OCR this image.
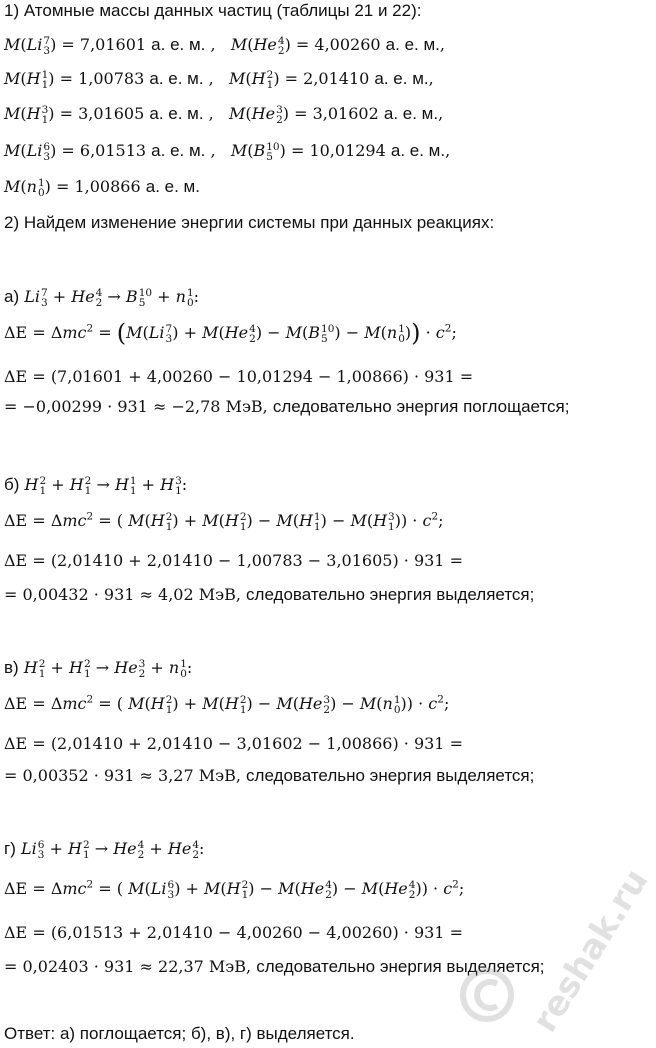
1) Атомные массы данных частиц (таблицы 21 и 22):
M(Li 7
3 ) = 7,01601 а. е. м. ,   M(He 4
2 ) = 4,00260 а. е. м.,
M(H 1
1 ) = 1,00783 а. е. м. ,   M(H 2
1 ) = 2,01410 а. е. м.,
M(H 3
1 ) = 3,01605 а. е. м. ,   M(He 3
2 ) = 3,01602 а. е. м.,
M(Li 6
3 ) = 6,01513 а. е. м. ,   M(B 10
5 ) = 10,01294 а. е. м.,
M(n 1
0 ) = 1,00866 а. е. м.
2) Найдем изменение энергии системы при данных реакциях:
а) Li 7
3 + He 4
2 → B 10
5 + n 1
0 :
ΔE = Δmc$^2$ = (M(Li 7
3 ) + M(He 4
2 ) − M(B 10
5 ) − M(n 1
0 )) · $c^2$;
ΔE = (7,01601 + 4,00260 − 10,01294 − 1,00866) · 931 =
= −0,00299 · 931 ≈ −2,78 МэВ, следовательно энергия поглощается;
б) H 2
1 + H 2
1 → H 1
1 + H 3
1 :
ΔE = Δmc$^2$ = ( M(H 2
1 ) + M(H 2
1 ) − M(H 1
1 ) − M(H 3
1 )) · $c^2$;
ΔE = (2,01410 + 2,01410 − 1,00783 − 3,01605) · 931 =
= 0,00432 · 931 ≈ 4,02 МэВ, следовательно энергия выделяется;
в) H 2
1 + H 2
1 → He 3
2 + n 1
0 :
ΔE = Δmc$^2$ = ( M(H 2
1 ) + M(H 2
1 ) − M(He 3
2 ) − M(n 1
0 )) · $c^2$;
ΔE = (2,01410 + 2,01410 − 3,01602 − 1,00866) · 931 =
= 0,00352 · 931 ≈ 3,27 МэВ, следовательно энергия выделяется;
г) Li 6
3 + H 2
1 → He 4
2 + He 4
2 :
ΔE = Δmc$^2$ = ( M(Li 6
3 ) + M(H 2
1 ) − M(He 4
2 ) − M(He 4
2 )) · $c^2$;
ΔE = (6,01513 + 2,01410 − 4,00260 − 4,00260) · 931 =
= 0,02403 · 931 ≈ 22,37 МэВ, следовательно энергия выделяется;
Ответ: а) поглощается; б), в), г) выделяется.	reshak.ru
